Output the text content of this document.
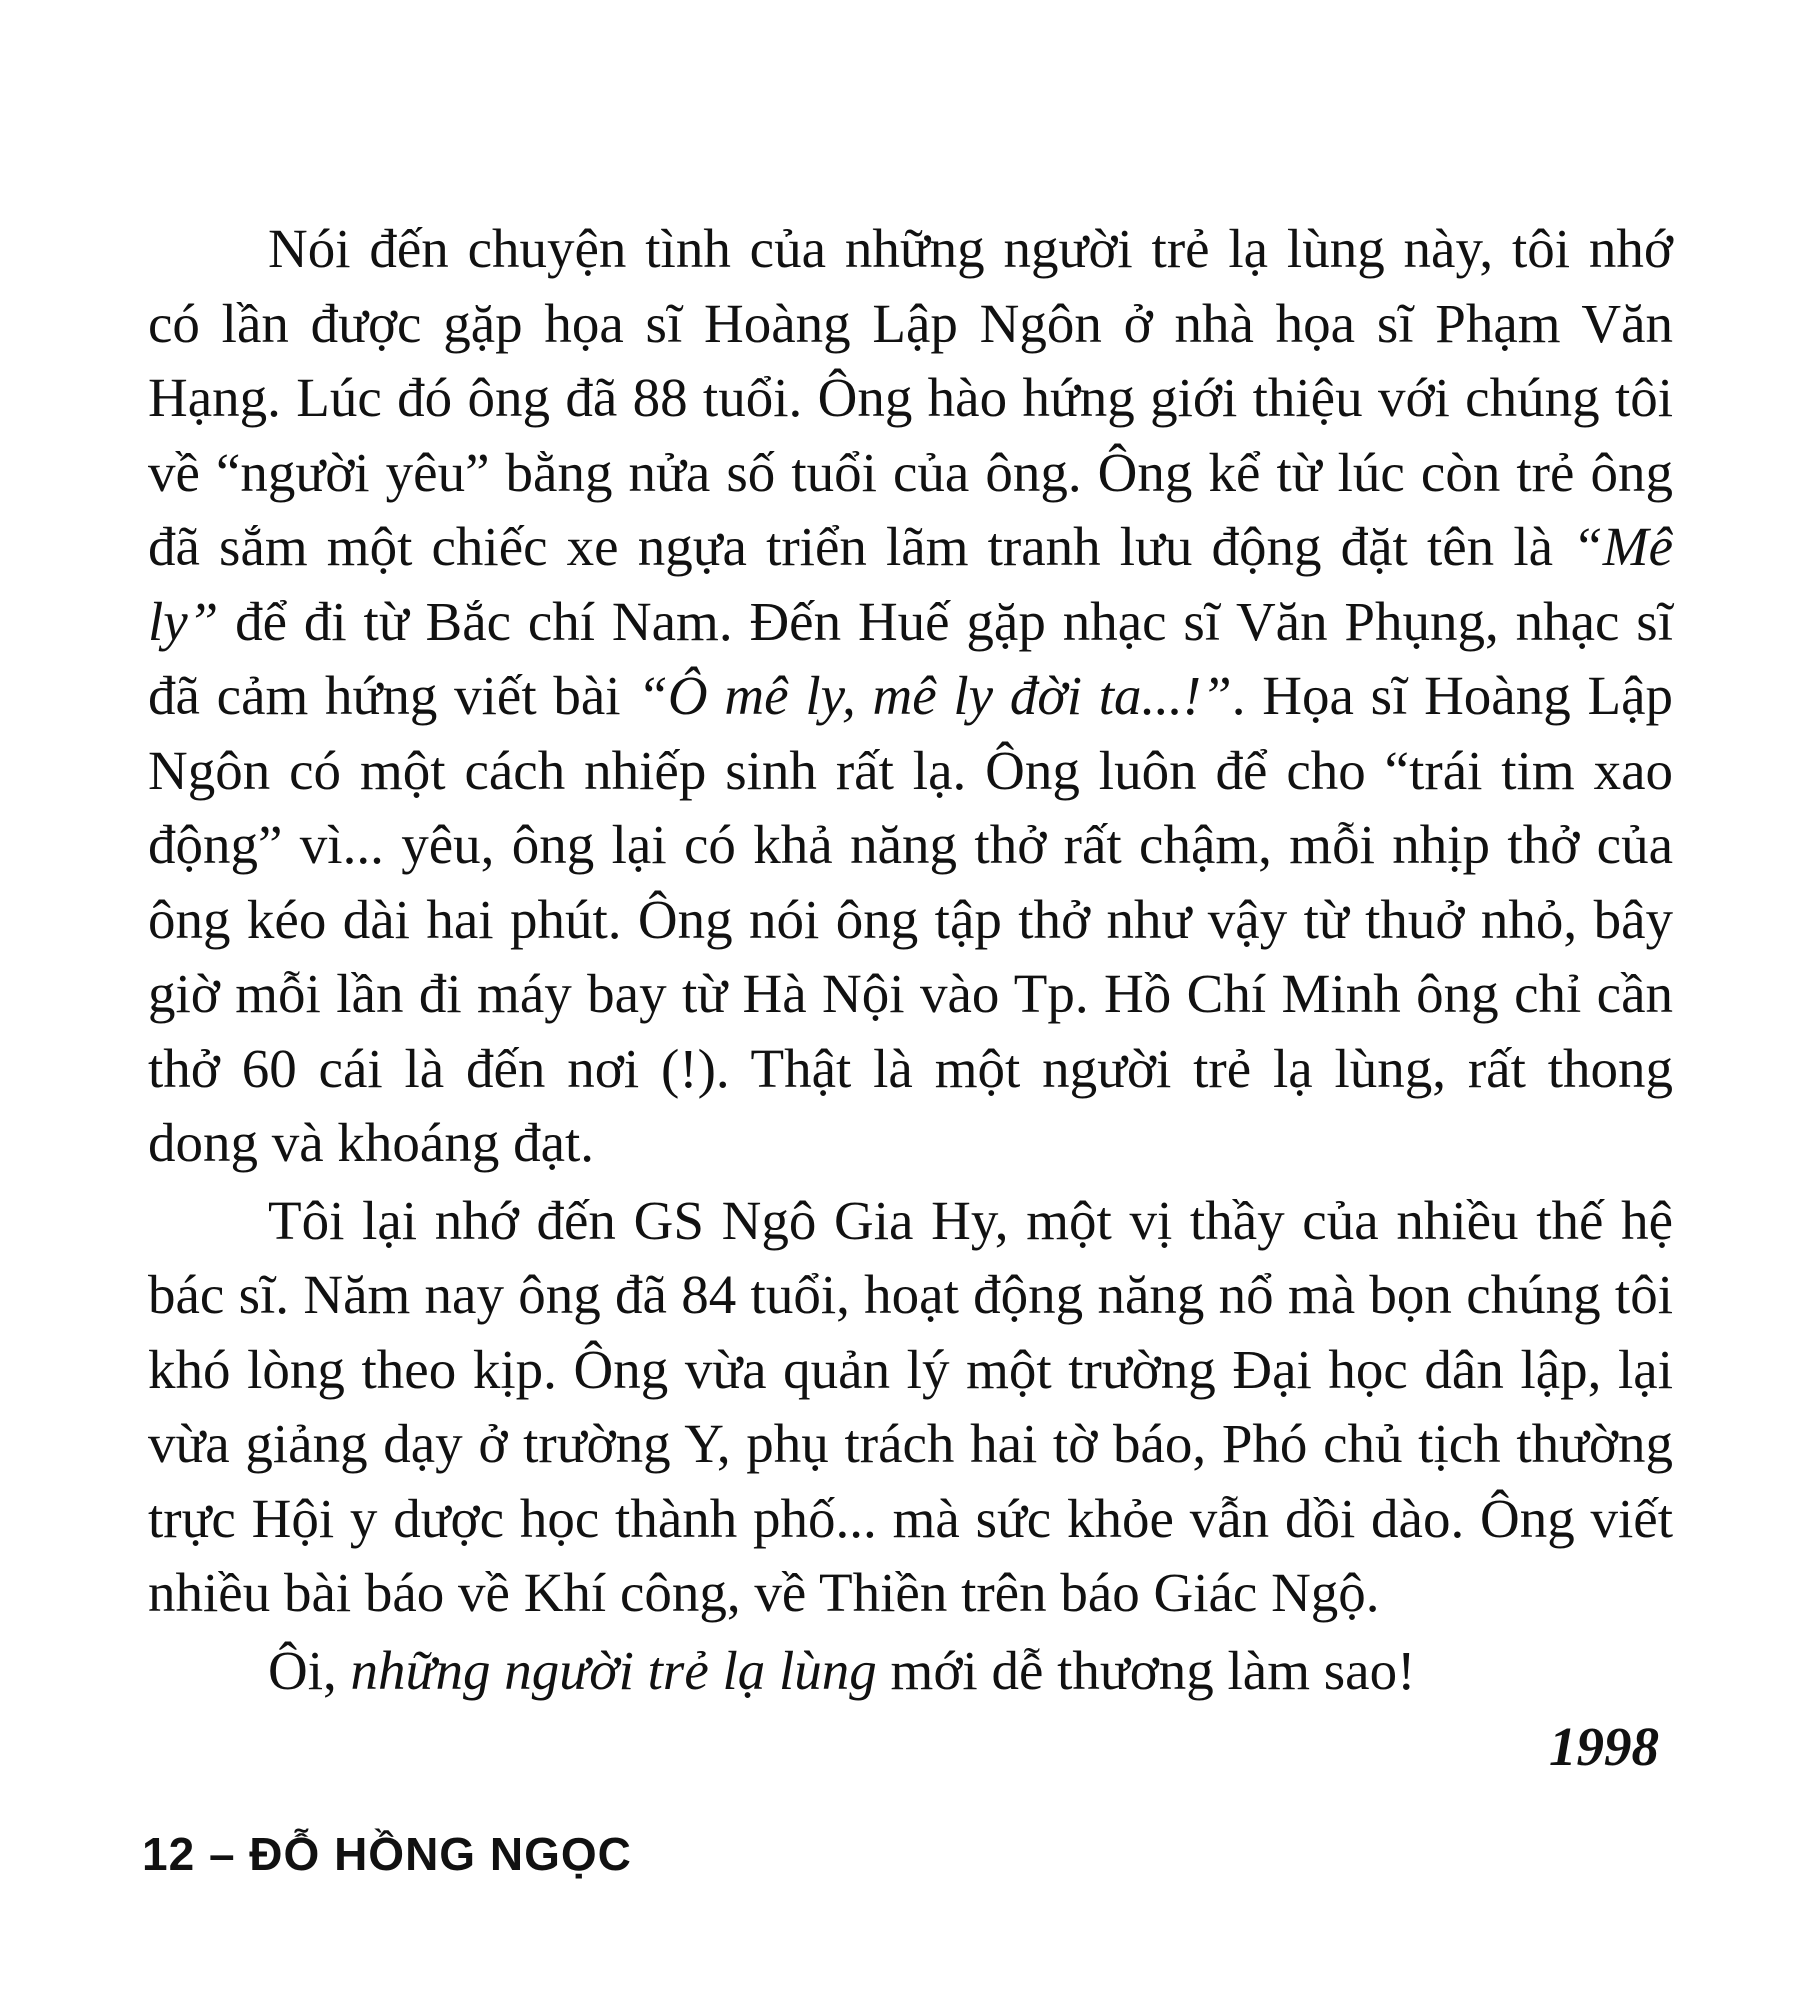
Nói đến chuyện tình của những người trẻ lạ lùng này, tôi nhớ có lần được gặp họa sĩ Hoàng Lập Ngôn ở nhà họa sĩ Phạm Văn Hạng. Lúc đó ông đã 88 tuổi. Ông hào hứng giới thiệu với chúng tôi về “người yêu” bằng nửa số tuổi của ông. Ông kể từ lúc còn trẻ ông đã sắm một chiếc xe ngựa triển lãm tranh lưu động đặt tên là “Mê ly” để đi từ Bắc chí Nam. Đến Huế gặp nhạc sĩ Văn Phụng, nhạc sĩ đã cảm hứng viết bài “Ô mê ly, mê ly đời ta...!”. Họa sĩ Hoàng Lập Ngôn có một cách nhiếp sinh rất lạ. Ông luôn để cho “trái tim xao động” vì... yêu, ông lại có khả năng thở rất chậm, mỗi nhịp thở của ông kéo dài hai phút. Ông nói ông tập thở như vậy từ thuở nhỏ, bây giờ mỗi lần đi máy bay từ Hà Nội vào Tp. Hồ Chí Minh ông chỉ cần thở 60 cái là đến nơi (!). Thật là một người trẻ lạ lùng, rất thong dong và khoáng đạt.

Tôi lại nhớ đến GS Ngô Gia Hy, một vị thầy của nhiều thế hệ bác sĩ. Năm nay ông đã 84 tuổi, hoạt động năng nổ mà bọn chúng tôi khó lòng theo kịp. Ông vừa quản lý một trường Đại học dân lập, lại vừa giảng dạy ở trường Y, phụ trách hai tờ báo, Phó chủ tịch thường trực Hội y dược học thành phố... mà sức khỏe vẫn dồi dào. Ông viết nhiều bài báo về Khí công, về Thiền trên báo Giác Ngộ.

Ôi, những người trẻ lạ lùng mới dễ thương làm sao!

1998

12 – ĐỖ HỒNG NGỌC
